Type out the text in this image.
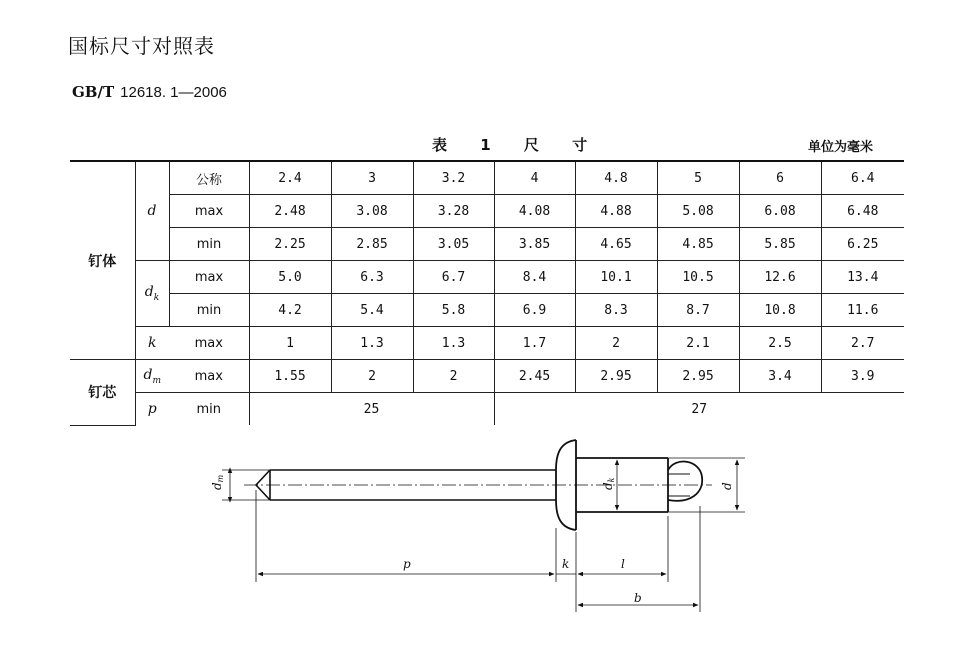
国标尺寸对照表
GB/T 12618. 1—2006
表 1 尺 寸	单位为毫米
钉体	d	公称	2.4	3	3.2	4	4.8	5	6	6.4
		max	2.48	3.08	3.28	4.08	4.88	5.08	6.08	6.48
		min	2.25	2.85	3.05	3.85	4.65	4.85	5.85	6.25
	$d_k$	max	5.0	6.3	6.7	8.4	10.1	10.5	12.6	13.4
		min	4.2	5.4	5.8	6.9	8.3	8.7	10.8	11.6
	k	max	1	1.3	1.3	1.7	2	2.1	2.5	2.7
钉芯	$d_m$	max	1.55	2	2	2.45	2.95	2.95	3.4	3.9
	p	min	25			27				
dm
dk
d
p	k	l
b
